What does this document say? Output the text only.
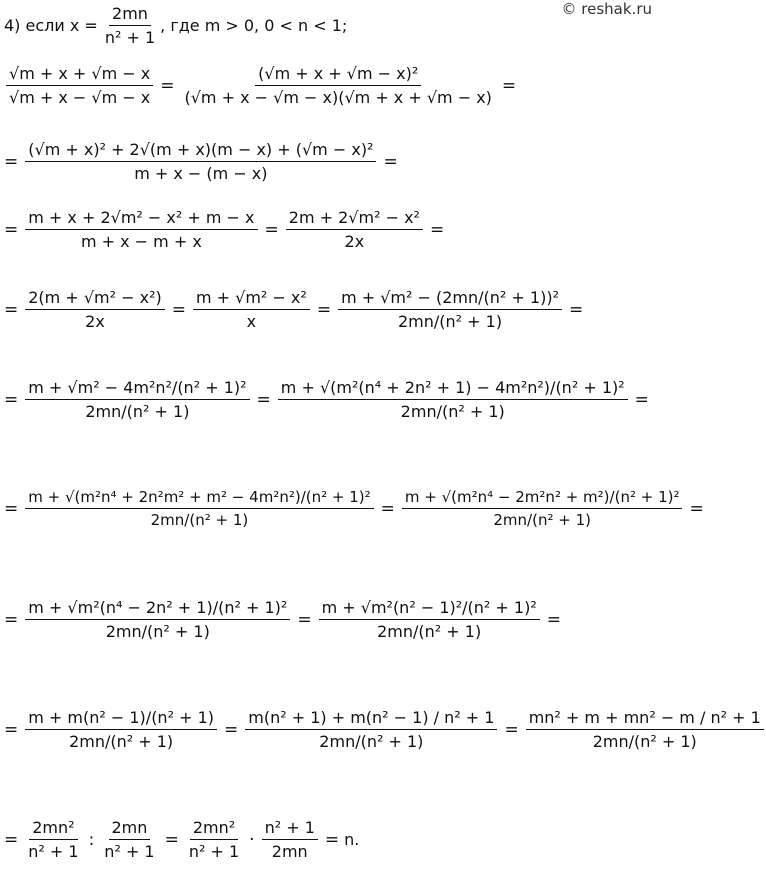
© reshak.ru
4) если $x = \frac{2mn}{\text{n² + 1}}$ , где m > 0, 0 < n < 1;
$\frac{√m + x + √m - x}{√m + x - √m - x} = \frac{\text{(√m + x + √m − x)²}}{(√m + x - √m - x)(√m + x + √m - x)}$ =
= $\frac{\text{(√m + x)² + 2√(m + x)(m − x) + (√m − x)²}}{m + x - (m - x)}$ =
= $\frac{\text{m + x + 2√m² − x² + m − x}}{m + x - m + x} = \frac{\text{2m + 2√m² − x²}}{2x}$ =
= $\frac{\text{2(m + √m² − x²)}}{2x} = \frac{\text{m + √m² − x²}}{x} = \frac{\text{m + √m² − (2mn/(n² + 1))²}}{\text{2mn/(n² + 1)}}$ =
= $\frac{\text{m + √m² − 4m²n²/(n² + 1)²}}{\text{2mn/(n² + 1)}} = \frac{\text{m + √(m²(n⁴ + 2n² + 1) − 4m²n²)/(n² + 1)²}}{\text{2mn/(n² + 1)}}$ =
= $\frac{\text{m + √(m²n⁴ + 2n²m² + m² − 4m²n²)/(n² + 1)²}}{\text{2mn/(n² + 1)}} = \frac{\text{m + √(m²n⁴ − 2m²n² + m²)/(n² + 1)²}}{\text{2mn/(n² + 1)}}$ =
= $\frac{\text{m + √m²(n⁴ − 2n² + 1)/(n² + 1)²}}{\text{2mn/(n² + 1)}} = \frac{\text{m + √m²(n² − 1)²/(n² + 1)²}}{\text{2mn/(n² + 1)}}$ =
= $\frac{\text{m + m(n² − 1)/(n² + 1)}}{\text{2mn/(n² + 1)}} = \frac{\text{m(n² + 1) + m(n² − 1) / n² + 1}}{\text{2mn/(n² + 1)}} = \frac{\text{mn² + m + mn² − m / n² + 1}}{\text{2mn/(n² + 1)}}$
= $\frac{\text{2mn²}}{\text{n² + 1}}$ : $\frac{2mn}{\text{n² + 1}} = \frac{\text{2mn²}}{\text{n² + 1}} \cdot \frac{\text{n² + 1}}{2mn} = n$.
